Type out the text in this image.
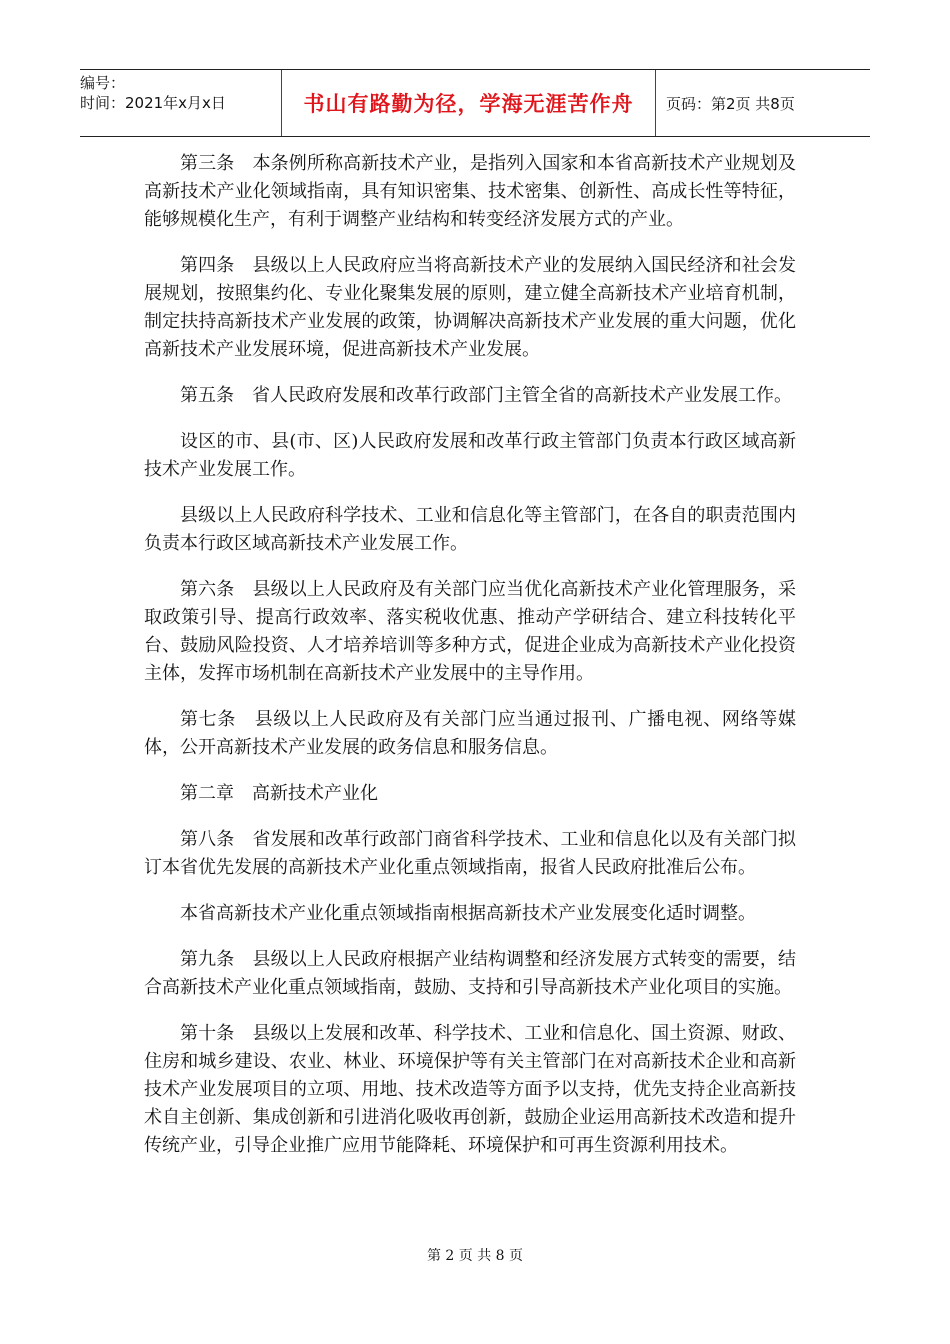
编号：
时间：2021年x月x日	书山有路勤为径，学海无涯苦作舟	页码：第2页 共8页

第三条　本条例所称高新技术产业，是指列入国家和本省高新技术产业规划及高新技术产业化领域指南，具有知识密集、技术密集、创新性、高成长性等特征，能够规模化生产，有利于调整产业结构和转变经济发展方式的产业。

第四条　县级以上人民政府应当将高新技术产业的发展纳入国民经济和社会发展规划，按照集约化、专业化聚集发展的原则，建立健全高新技术产业培育机制，制定扶持高新技术产业发展的政策，协调解决高新技术产业发展的重大问题，优化高新技术产业发展环境，促进高新技术产业发展。

第五条　省人民政府发展和改革行政部门主管全省的高新技术产业发展工作。

设区的市、县(市、区)人民政府发展和改革行政主管部门负责本行政区域高新技术产业发展工作。

县级以上人民政府科学技术、工业和信息化等主管部门，在各自的职责范围内负责本行政区域高新技术产业发展工作。

第六条　县级以上人民政府及有关部门应当优化高新技术产业化管理服务，采取政策引导、提高行政效率、落实税收优惠、推动产学研结合、建立科技转化平台、鼓励风险投资、人才培养培训等多种方式，促进企业成为高新技术产业化投资主体，发挥市场机制在高新技术产业发展中的主导作用。

第七条　县级以上人民政府及有关部门应当通过报刊、广播电视、网络等媒体，公开高新技术产业发展的政务信息和服务信息。

第二章　高新技术产业化

第八条　省发展和改革行政部门商省科学技术、工业和信息化以及有关部门拟订本省优先发展的高新技术产业化重点领域指南，报省人民政府批准后公布。

本省高新技术产业化重点领域指南根据高新技术产业发展变化适时调整。

第九条　县级以上人民政府根据产业结构调整和经济发展方式转变的需要，结合高新技术产业化重点领域指南，鼓励、支持和引导高新技术产业化项目的实施。

第十条　县级以上发展和改革、科学技术、工业和信息化、国土资源、财政、住房和城乡建设、农业、林业、环境保护等有关主管部门在对高新技术企业和高新技术产业发展项目的立项、用地、技术改造等方面予以支持，优先支持企业高新技术自主创新、集成创新和引进消化吸收再创新，鼓励企业运用高新技术改造和提升传统产业，引导企业推广应用节能降耗、环境保护和可再生资源利用技术。

第 2 页 共 8 页
